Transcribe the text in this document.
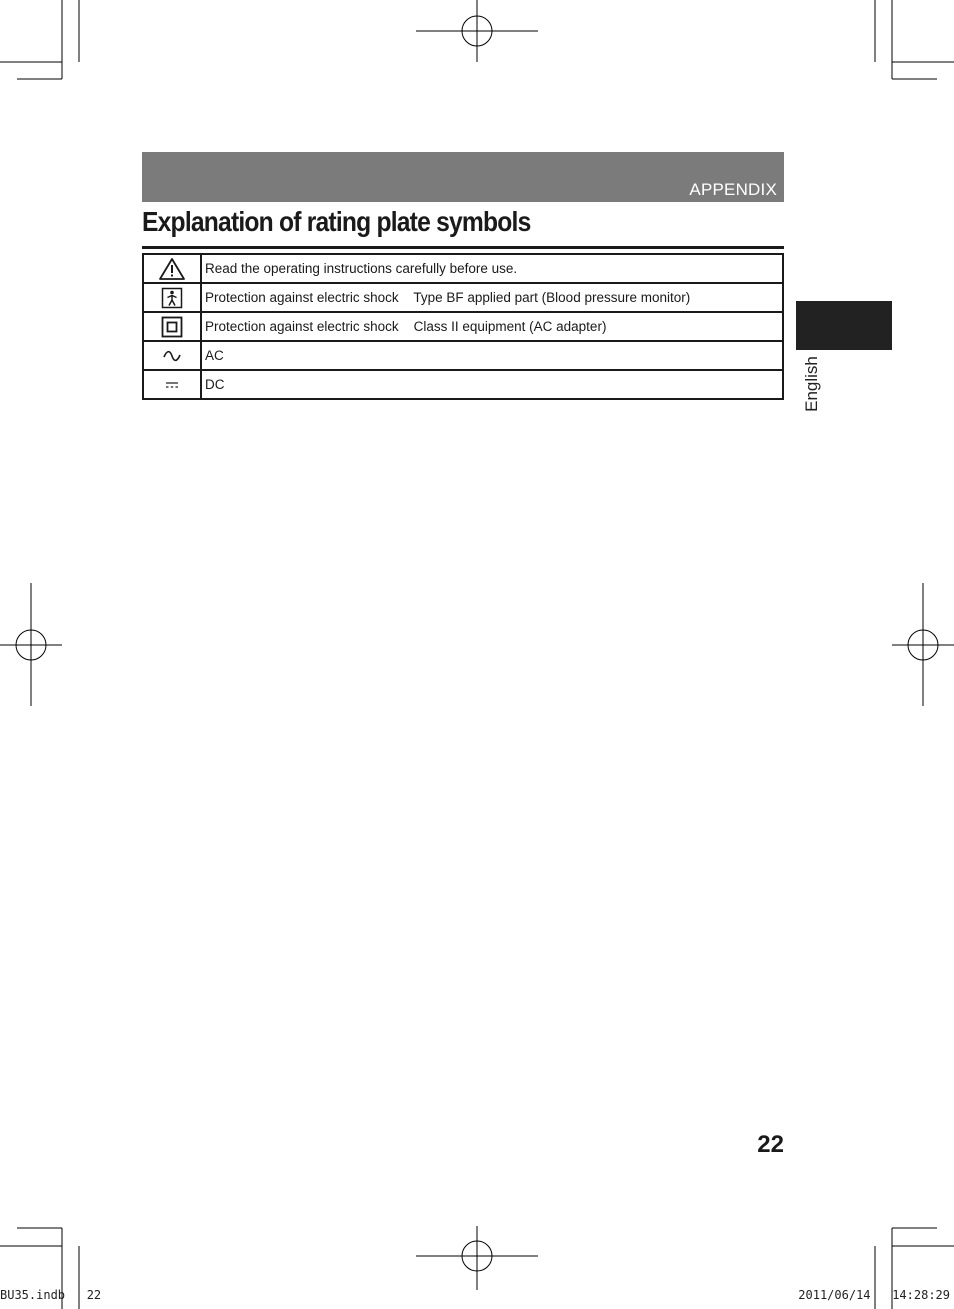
APPENDIX
Explanation of rating plate symbols
	Read the operating instructions carefully before use.

	Protection against electric shock    Type BF applied part (Blood pressure monitor)

	Protection against electric shock    Class II equipment (AC adapter)

	AC

	DC	English
22
BU35.indb   22	2011/06/14   14:28:29
